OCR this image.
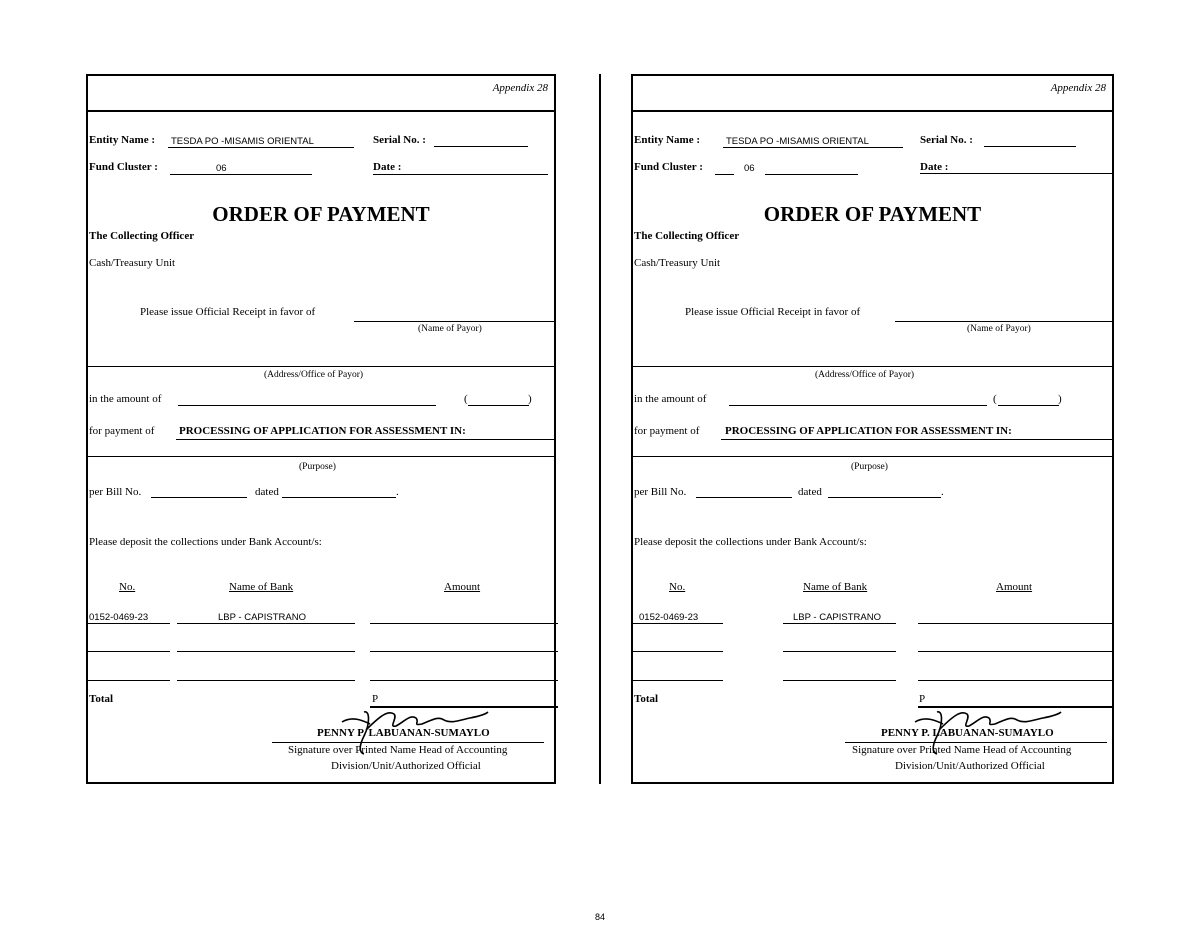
Appendix 28
Entity Name : TESDA PO -MISAMIS ORIENTAL	Serial No. :
Fund Cluster :	06	Date :
ORDER OF PAYMENT
The Collecting Officer
Cash/Treasury Unit
Please issue Official Receipt in favor of
(Name of Payor)
(Address/Office of Payor)
in the amount of	(	)
for payment of PROCESSING OF APPLICATION FOR ASSESSMENT IN:
(Purpose)
per Bill No.	dated	.
Please deposit the collections under Bank Account/s:
No.	Name of Bank	Amount
0152-0469-23	LBP - CAPISTRANO
Total	P
PENNY P. LABUANAN-SUMAYLO
Signature over Printed Name Head of Accounting
Division/Unit/Authorized Official
Appendix 28
Entity Name :	TESDA PO -MISAMIS ORIENTAL	Serial No. :
Fund Cluster :	06	Date :
ORDER OF PAYMENT
The Collecting Officer
Cash/Treasury Unit
Please issue Official Receipt in favor of
(Name of Payor)
(Address/Office of Payor)
in the amount of	(	)
for payment of PROCESSING OF APPLICATION FOR ASSESSMENT IN:
(Purpose)
per Bill No.	dated	.
Please deposit the collections under Bank Account/s:
No.	Name of Bank	Amount
0152-0469-23	LBP - CAPISTRANO
Total	P
PENNY P. LABUANAN-SUMAYLO
Signature over Printed Name Head of Accounting
Division/Unit/Authorized Official
84
